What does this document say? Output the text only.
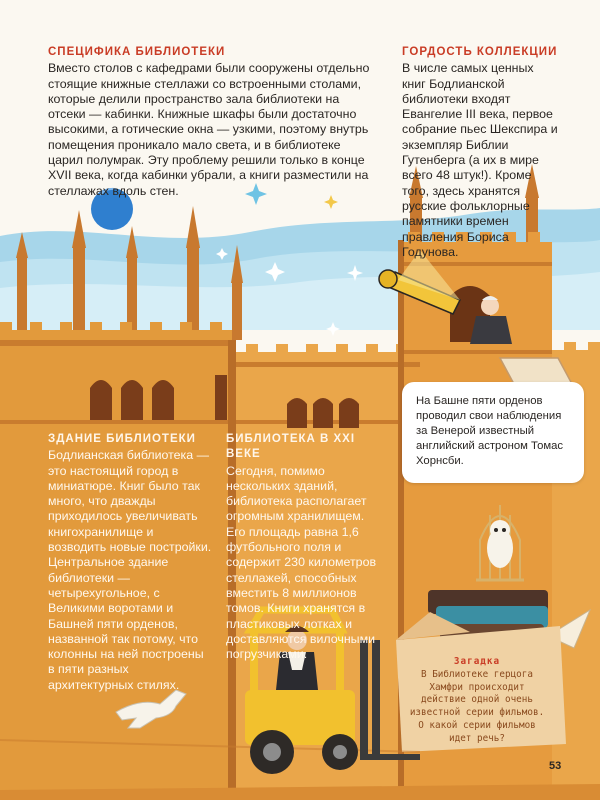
СПЕЦИФИКА БИБЛИОТЕКИ

Вместо столов с кафедрами были сооружены отдельно стоящие книжные стеллажи со встроенными столами, которые делили пространство зала библиотеки на отсеки — кабинки. Книжные шкафы были достаточно высокими, а готические окна — узкими, поэтому внутрь помещения проникало мало света, и в библиотеке царил полумрак. Эту проблему решили только в конце XVII века, когда кабинки убрали, а книги разместили на стеллажах вдоль стен.

ГОРДОСТЬ КОЛЛЕКЦИИ

В числе самых ценных книг Бодлианской библиотеки входят Евангелие III века, первое собрание пьес Шекспира и экземпляр Библии Гутенберга (а их в мире всего 48 штук!). Кроме того, здесь хранятся русские фольклорные памятники времен правления Бориса Годунова.

На Башне пяти орденов проводил свои наблюдения за Венерой известный английский астроном Томас Хорнсби.
ЗДАНИЕ БИБЛИОТЕКИ

Бодлианская библиотека — это настоящий город в миниатюре. Книг было так много, что дважды приходилось увеличивать книгохранилище и возводить новые постройки. Центральное здание библиотеки — четырехугольное, с Великими воротами и Башней пяти орденов, названной так потому, что колонны на ней построены в пяти разных архитектурных стилях.

БИБЛИОТЕКА В XXI ВЕКЕ

Сегодня, помимо нескольких зданий, библиотека располагает огромным хранилищем. Его площадь равна 1,6 футбольного поля и содержит 230 километров стеллажей, способных вместить 8 миллионов томов. Книги хранятся в пластиковых лотках и доставляются вилочными погрузчиками.

Загадка
В Библиотеке герцога Хамфри происходит действие одной очень известной серии фильмов. О какой серии фильмов идет речь?
53
